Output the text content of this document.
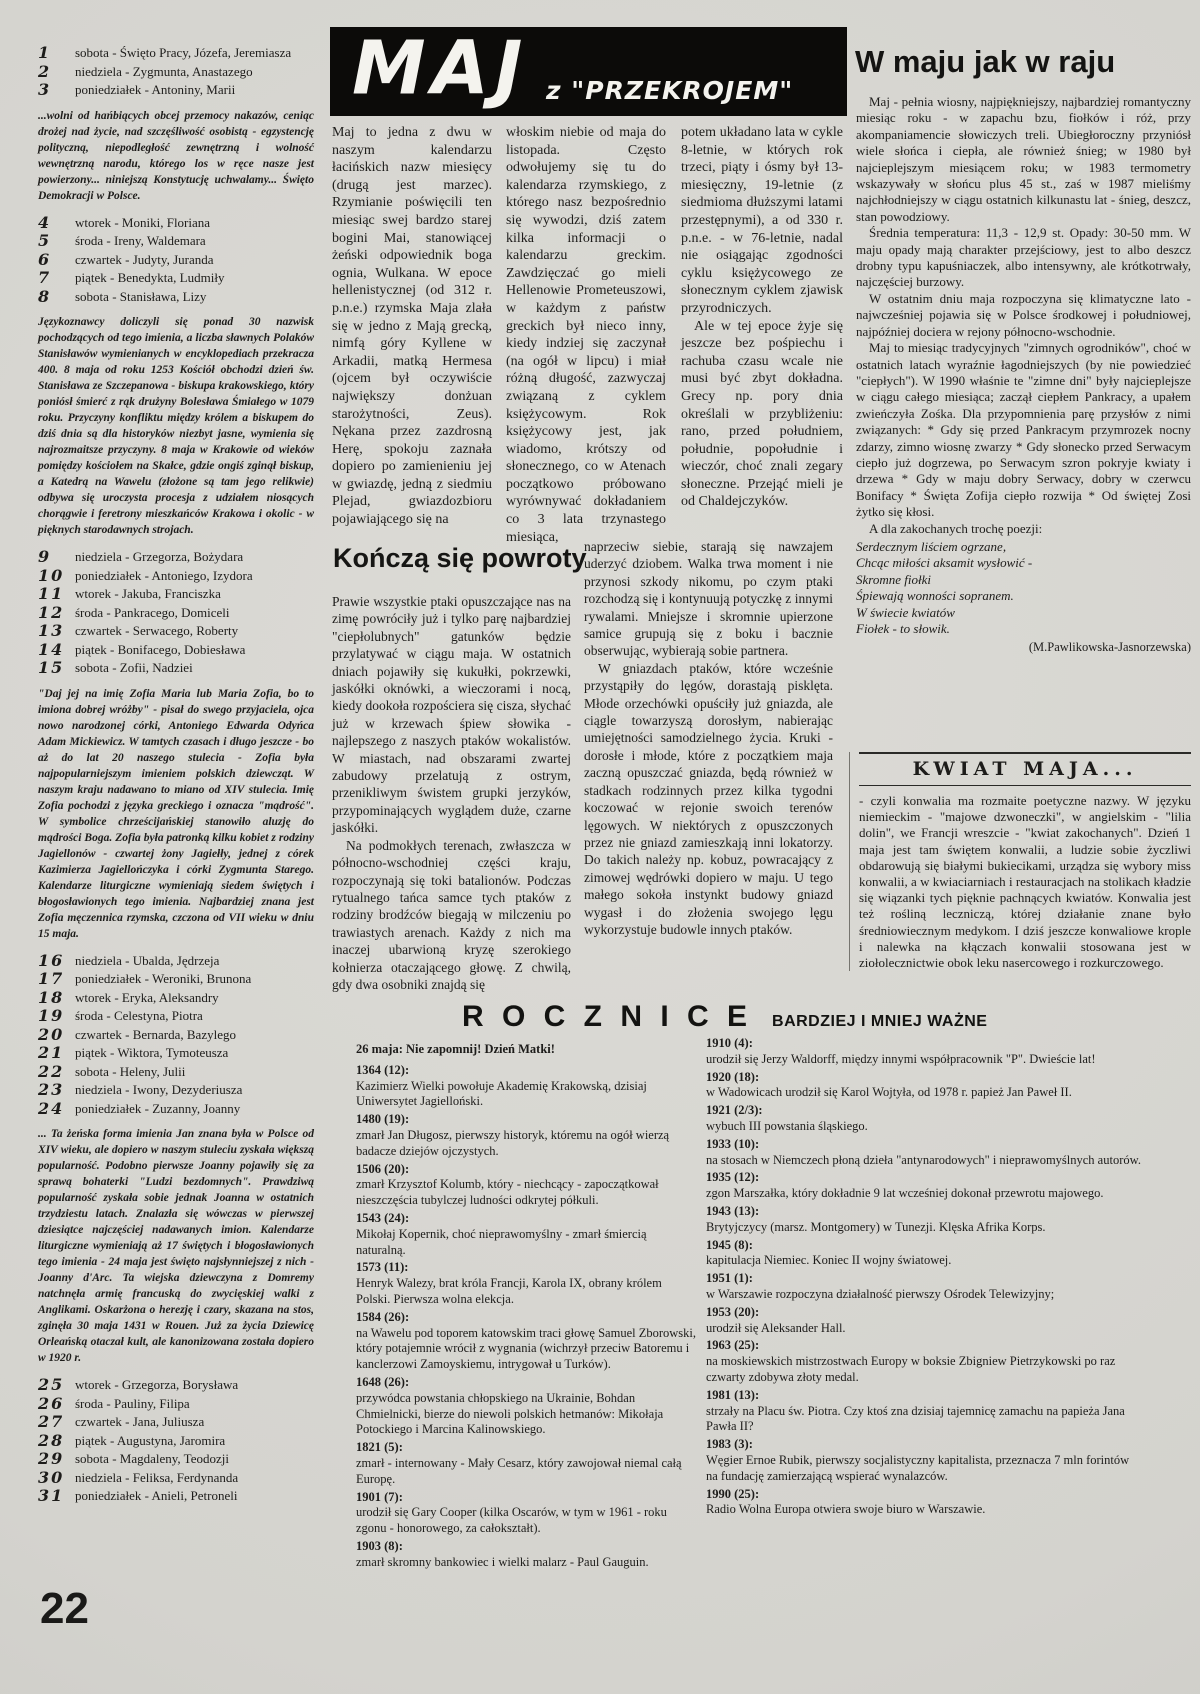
1	sobota - Święto Pracy, Józefa, Jeremiasza
2	niedziela - Zygmunta, Anastazego
3	poniedziałek - Antoniny, Marii

...wolni od hańbiących obcej przemocy nakazów, ceniąc drożej nad życie, nad szczęśliwość osobistą - egzystencję polityczną, niepodległość zewnętrzną i wolność wewnętrzną narodu, którego los w ręce nasze jest powierzony... niniejszą Konstytucję uchwalamy... Święto Demokracji w Polsce.

4	wtorek - Moniki, Floriana
5	środa - Ireny, Waldemara
6	czwartek - Judyty, Juranda
7	piątek - Benedykta, Ludmiły
8	sobota - Stanisława, Lizy

Językoznawcy doliczyli się ponad 30 nazwisk pochodzących od tego imienia, a liczba sławnych Polaków Stanisławów wymienianych w encyklopediach przekracza 400. 8 maja od roku 1253 Kościół obchodzi dzień św. Stanisława ze Szczepanowa - biskupa krakowskiego, który poniósł śmierć z rąk drużyny Bolesława Śmiałego w 1079 roku. Przyczyny konfliktu między królem a biskupem do dziś dnia są dla historyków niezbyt jasne, wymienia się najrozmaitsze przyczyny. 8 maja w Krakowie od wieków pomiędzy kościołem na Skałce, gdzie ongiś zginął biskup, a Katedrą na Wawelu (złożone są tam jego relikwie) odbywa się uroczysta procesja z udziałem niosących chorągwie i feretrony mieszkańców Krakowa i okolic - w pięknych starodawnych strojach.

9	niedziela - Grzegorza, Bożydara
10 poniedziałek - Antoniego, Izydora
11 wtorek - Jakuba, Franciszka
12 środa - Pankracego, Domiceli
13 czwartek - Serwacego, Roberty
14 piątek - Bonifacego, Dobiesława
15 sobota - Zofii, Nadziei

"Daj jej na imię Zofia Maria lub Maria Zofia, bo to imiona dobrej wróżby" - pisał do swego przyjaciela, ojca nowo narodzonej córki, Antoniego Edwarda Odyńca Adam Mickiewicz. W tamtych czasach i długo jeszcze - bo aż do lat 20 naszego stulecia - Zofia była najpopularniejszym imieniem polskich dziewcząt. W naszym kraju nadawano to miano od XIV stulecia. Imię Zofia pochodzi z języka greckiego i oznacza "mądrość". W symbolice chrześcijańskiej stanowiło aluzję do mądrości Boga. Zofia była patronką kilku kobiet z rodziny Jagiellonów - czwartej żony Jagiełły, jednej z córek Kazimierza Jagiellończyka i córki Zygmunta Starego. Kalendarze liturgiczne wymieniają siedem świętych i błogosławionych tego imienia. Najbardziej znana jest Zofia męczennica rzymska, czczona od VII wieku w dniu 15 maja.

16 niedziela - Ubalda, Jędrzeja
17 poniedziałek - Weroniki, Brunona
18 wtorek - Eryka, Aleksandry
19 środa - Celestyna, Piotra
20 czwartek - Bernarda, Bazylego
21 piątek - Wiktora, Tymoteusza
22 sobota - Heleny, Julii
23 niedziela - Iwony, Dezyderiusza
24 poniedziałek - Zuzanny, Joanny

... Ta żeńska forma imienia Jan znana była w Polsce od XIV wieku, ale dopiero w naszym stuleciu zyskała większą popularność. Podobno pierwsze Joanny pojawiły się za sprawą bohaterki "Ludzi bezdomnych". Prawdziwą popularność zyskała sobie jednak Joanna w ostatnich trzydziestu latach. Znalazła się wówczas w pierwszej dziesiątce najczęściej nadawanych imion. Kalendarze liturgiczne wymieniają aż 17 świętych i błogosławionych tego imienia - 24 maja jest święto najsłynniejszej z nich - Joanny d'Arc. Ta wiejska dziewczyna z Domremy natchnęła armię francuską do zwycięskiej walki z Anglikami. Oskarżona o herezję i czary, skazana na stos, zginęła 30 maja 1431 w Rouen. Już za życia Dziewicę Orleańską otaczał kult, ale kanonizowana została dopiero w 1920 r.

25 wtorek - Grzegorza, Borysława
26 środa - Pauliny, Filipa
27 czwartek - Jana, Juliusza
28 piątek - Augustyna, Jaromira
29 sobota - Magdaleny, Teodozji
30 niedziela - Feliksa, Ferdynanda
31 poniedziałek - Anieli, Petroneli
MAJ z "PRZEKROJEM"

Maj to jedna z dwu w naszym kalendarzu łacińskich nazw miesięcy (drugą jest marzec). Rzymianie poświęcili ten miesiąc swej bardzo starej bogini Mai, stanowiącej żeński odpowiednik boga ognia, Wulkana. W epoce hellenistycznej (od 312 r. p.n.e.) rzymska Maja zlała się w jedno z Mają grecką, nimfą góry Kyllene w Arkadii, matką Hermesa (ojcem był oczywiście największy donżuan starożytności, Zeus). Nękana przez zazdrosną Herę, spokoju zaznała dopiero po zamienieniu jej w gwiazdę, jedną z siedmiu Plejad, gwiazdozbioru pojawiającego się na

włoskim niebie od maja do listopada. Często odwołujemy się tu do kalendarza rzymskiego, z którego nasz bezpośrednio się wywodzi, dziś zatem kilka informacji o kalendarzu greckim. Zawdzięczać go mieli Hellenowie Prometeuszowi, w każdym z państw greckich był nieco inny, kiedy indziej się zaczynał (na ogół w lipcu) i miał różną długość, zazwyczaj związaną z cyklem księżycowym. Rok księżycowy jest, jak wiadomo, krótszy od słonecznego, co w Atenach początkowo próbowano wyrównywać dokładaniem co 3 lata trzynastego miesiąca,

potem układano lata w cykle 8-letnie, w których rok trzeci, piąty i ósmy był 13-miesięczny, 19-letnie (z siedmioma dłuższymi latami przestępnymi), a od 330 r. p.n.e. - w 76-letnie, nadal nie osiągając zgodności cyklu księżycowego ze słonecznym cyklem zjawisk przyrodniczych.

Ale w tej epoce żyje się jeszcze bez pośpiechu i rachuba czasu wcale nie musi być zbyt dokładna. Grecy np. pory dnia określali w przybliżeniu: rano, przed południem, południe, popołudnie i wieczór, choć znali zegary słoneczne. Przejąć mieli je od Chaldejczyków.

Kończą się powroty

Prawie wszystkie ptaki opuszczające nas na zimę powróciły już i tylko parę najbardziej "ciepłolubnych" gatunków będzie przylatywać w ciągu maja. W ostatnich dniach pojawiły się kukułki, pokrzewki, jaskółki oknówki, a wieczorami i nocą, kiedy dookoła rozpościera się cisza, słychać już w krzewach śpiew słowika - najlepszego z naszych ptaków wokalistów. W miastach, nad obszarami zwartej zabudowy przelatują z ostrym, przenikliwym świstem grupki jerzyków, przypominających wyglądem duże, czarne jaskółki.

Na podmokłych terenach, zwłaszcza w północno-wschodniej części kraju, rozpoczynają się toki batalionów. Podczas rytualnego tańca samce tych ptaków z rodziny brodźców biegają w milczeniu po trawiastych arenach. Każdy z nich ma inaczej ubarwioną kryzę szerokiego kołnierza otaczającego głowę. Z chwilą, gdy dwa osobniki znajdą się

naprzeciw siebie, starają się nawzajem uderzyć dziobem. Walka trwa moment i nie przynosi szkody nikomu, po czym ptaki rozchodzą się i kontynuują potyczkę z innymi rywalami. Mniejsze i skromnie upierzone samice grupują się z boku i bacznie obserwując, wybierają sobie partnera.

W gniazdach ptaków, które wcześnie przystąpiły do lęgów, dorastają pisklęta. Młode orzechówki opuściły już gniazda, ale ciągle towarzyszą dorosłym, nabierając umiejętności samodzielnego życia. Kruki - dorosłe i młode, które z początkiem maja zaczną opuszczać gniazda, będą również w stadkach rodzinnych przez kilka tygodni koczować w rejonie swoich terenów lęgowych. W niektórych z opuszczonych przez nie gniazd zamieszkają inni lokatorzy. Do takich należy np. kobuz, powracający z zimowej wędrówki dopiero w maju. U tego małego sokoła instynkt budowy gniazd wygasł i do złożenia swojego lęgu wykorzystuje budowle innych ptaków.

W maju jak w raju

Maj - pełnia wiosny, najpiękniejszy, najbardziej romantyczny miesiąc roku - w zapachu bzu, fiołków i róż, przy akompaniamencie słowiczych treli. Ubiegłoroczny przyniósł wiele słońca i ciepła, ale również śnieg; w 1980 był najcieplejszym miesiącem roku; w 1983 termometry wskazywały w słońcu plus 45 st., zaś w 1987 mieliśmy najchłodniejszy w ciągu ostatnich kilkunastu lat - śnieg, deszcz, stan powodziowy.

Średnia temperatura: 11,3 - 12,9 st. Opady: 30-50 mm. W maju opady mają charakter przejściowy, jest to albo deszcz drobny typu kapuśniaczek, albo intensywny, ale krótkotrwały, najczęściej burzowy.

W ostatnim dniu maja rozpoczyna się klimatyczne lato - najwcześniej pojawia się w Polsce środkowej i południowej, najpóźniej dociera w rejony północno-wschodnie.

Maj to miesiąc tradycyjnych "zimnych ogrodników", choć w ostatnich latach wyraźnie łagodniejszych (by nie powiedzieć "ciepłych"). W 1990 właśnie te "zimne dni" były najcieplejsze w ciągu całego miesiąca; zaczął ciepłem Pankracy, a upałem zwieńczyła Zośka. Dla przypomnienia parę przysłów z nimi związanych: * Gdy się przed Pankracym przymrozek nocny zdarzy, zimno wiosnę zwarzy * Gdy słonecko przed Serwacym ciepło już dogrzewa, po Serwacym szron pokryje kwiaty i drzewa * Gdy w maju dobry Serwacy, dobry w czerwcu Bonifacy * Święta Zofija ciepło rozwija * Od świętej Zosi żytko się kłosi.

A dla zakochanych trochę poezji:

Serdecznym liściem ogrzane,
Chcąc miłości aksamit wysłowić -
Skromne fiołki
Śpiewają wonności sopranem.
W świecie kwiatów
Fiołek - to słowik.
(M.Pawlikowska-Jasnorzewska)
KWIAT MAJA...

- czyli konwalia ma rozmaite poetyczne nazwy. W języku niemieckim - "majowe dzwoneczki", w angielskim - "lilia dolin", we Francji wreszcie - "kwiat zakochanych". Dzień 1 maja jest tam świętem konwalii, a ludzie sobie życzliwi obdarowują się białymi bukiecikami, urządza się wybory miss konwalii, a w kwiaciarniach i restauracjach na stolikach kładzie się wiązanki tych pięknie pachnących kwiatów. Konwalia jest też rośliną leczniczą, której działanie znane było średniowiecznym medykom. I dziś jeszcze konwaliowe krople i nalewka na kłączach konwalii stosowana jest w ziołolecznictwie obok leku nasercowego i rozkurczowego.

R O C Z N I C E BARDZIEJ I MNIEJ WAŻNE

26 maja: Nie zapomnij! Dzień Matki!

1364 (12):
Kazimierz Wielki powołuje Akademię Krakowską, dzisiaj Uniwersytet Jagielloński.
1480 (19):
zmarł Jan Długosz, pierwszy historyk, któremu na ogół wierzą badacze dziejów ojczystych.
1506 (20):
zmarł Krzysztof Kolumb, który - niechcący - zapoczątkował nieszczęścia tubylczej ludności odkrytej półkuli.
1543 (24):
Mikołaj Kopernik, choć nieprawomyślny - zmarł śmiercią naturalną.
1573 (11):
Henryk Walezy, brat króla Francji, Karola IX, obrany królem Polski. Pierwsza wolna elekcja.
1584 (26):
na Wawelu pod toporem katowskim traci głowę Samuel Zborowski, który potajemnie wrócił z wygnania (wichrzył przeciw Batoremu i kanclerzowi Zamoyskiemu, intrygował u Turków).
1648 (26):
przywódca powstania chłopskiego na Ukrainie, Bohdan Chmielnicki, bierze do niewoli polskich hetmanów: Mikołaja Potockiego i Marcina Kalinowskiego.
1821 (5):
zmarł - internowany - Mały Cesarz, który zawojował niemal całą Europę.
1901 (7):
urodził się Gary Cooper (kilka Oscarów, w tym w 1961 - roku zgonu - honorowego, za całokształt).
1903 (8):
zmarł skromny bankowiec i wielki malarz - Paul Gauguin.
1910 (4):
urodził się Jerzy Waldorff, między innymi współpracownik "P". Dwieście lat!
1920 (18):
w Wadowicach urodził się Karol Wojtyła, od 1978 r. papież Jan Paweł II.
1921 (2/3):
wybuch III powstania śląskiego.
1933 (10):
na stosach w Niemczech płoną dzieła "antynarodowych" i nieprawomyślnych autorów.
1935 (12):
zgon Marszałka, który dokładnie 9 lat wcześniej dokonał przewrotu majowego.
1943 (13):
Brytyjczycy (marsz. Montgomery) w Tunezji. Klęska Afrika Korps.
1945 (8):
kapitulacja Niemiec. Koniec II wojny światowej.
1951 (1):
w Warszawie rozpoczyna działalność pierwszy Ośrodek Telewizyjny;
1953 (20):
urodził się Aleksander Hall.
1963 (25):
na moskiewskich mistrzostwach Europy w boksie Zbigniew Pietrzykowski po raz czwarty zdobywa złoty medal.
1981 (13):
strzały na Placu św. Piotra. Czy ktoś zna dzisiaj tajemnicę zamachu na papieża Jana Pawła II?
1983 (3):
Węgier Ernoe Rubik, pierwszy socjalistyczny kapitalista, przeznacza 7 mln forintów na fundację zamierzającą wspierać wynalazców.
1990 (25):
Radio Wolna Europa otwiera swoje biuro w Warszawie.
22
